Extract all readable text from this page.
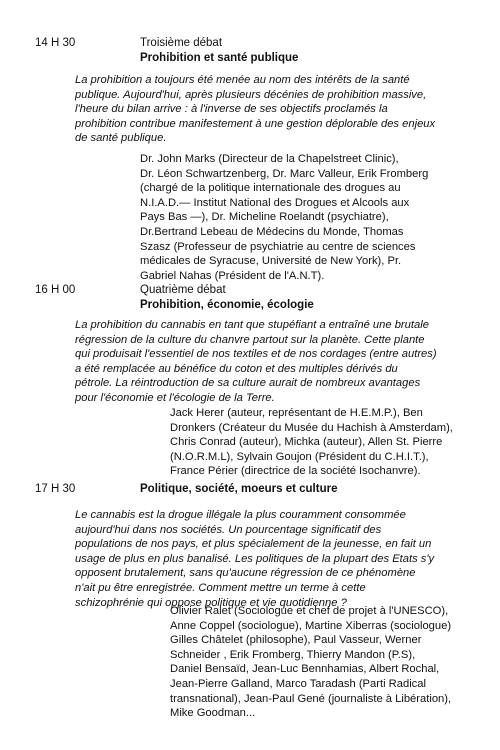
14 H 30	Troisième débat
Prohibition et santé publique

La prohibition a toujours été menée au nom des intérêts de la santé
publique. Aujourd'hui, après plusieurs décénies de prohibition massive,
l'heure du bilan arrive : à l'inverse de ses objectifs proclamés la
prohibition contribue manifestement à une gestion déplorable des enjeux
de santé publique.

Dr. John Marks (Directeur de la Chapelstreet Clinic),
Dr. Léon Schwartzenberg, Dr. Marc Valleur, Erik Fromberg
(chargé de la politique internationale des drogues au
N.I.A.D.— Institut National des Drogues et Alcools aux
Pays Bas —), Dr. Micheline Roelandt (psychiatre),
Dr.Bertrand Lebeau de Médecins du Monde, Thomas
Szasz (Professeur de psychiatrie au centre de sciences
médicales de Syracuse, Université de New York), Pr.
Gabriel Nahas (Président de l'A.N.T).

16 H 00	Quatrième débat
Prohibition, économie, écologie

La prohibition du cannabis en tant que stupéfiant a entraîné une brutale
régression de la culture du chanvre partout sur la planète. Cette plante
qui produisait l'essentiel de nos textiles et de nos cordages (entre autres)
a été remplacée au bénéfice du coton et des multiples dérivés du
pétrole. La réintroduction de sa culture aurait de nombreux avantages
pour l'économie et l'écologie de la Terre.

Jack Herer (auteur, représentant de H.E.M.P.), Ben
Dronkers (Créateur du Musée du Hachish à Amsterdam),
Chris Conrad (auteur), Michka (auteur), Allen St. Pierre
(N.O.R.M.L), Sylvain Goujon (Président du C.H.I.T.),
France Périer (directrice de la société Isochanvre).

17 H 30	Politique, société, moeurs et culture

Le cannabis est la drogue illégale la plus couramment consommée
aujourd'hui dans nos sociétés. Un pourcentage significatif des
populations de nos pays, et plus spécialement de la jeunesse, en fait un
usage de plus en plus banalisé. Les politiques de la plupart des Etats s'y
opposent brutalement, sans qu'aucune régression de ce phénomène
n'ait pu être enregistrée. Comment mettre un terme à cette
schizophrénie qui oppose politique et vie quotidienne ?

Olivier Ralet (Sociologue et chef de projet à l'UNESCO),
Anne Coppel (sociologue), Martine Xiberras (sociologue)
Gilles Châtelet (philosophe), Paul Vasseur, Werner
Schneider , Erik Fromberg, Thierry Mandon (P.S),
Daniel Bensaïd, Jean-Luc Bennhamias, Albert Rochal,
Jean-Pierre Galland, Marco Taradash (Parti Radical
transnational), Jean-Paul Gené (journaliste à Libération),
Mike Goodman...
